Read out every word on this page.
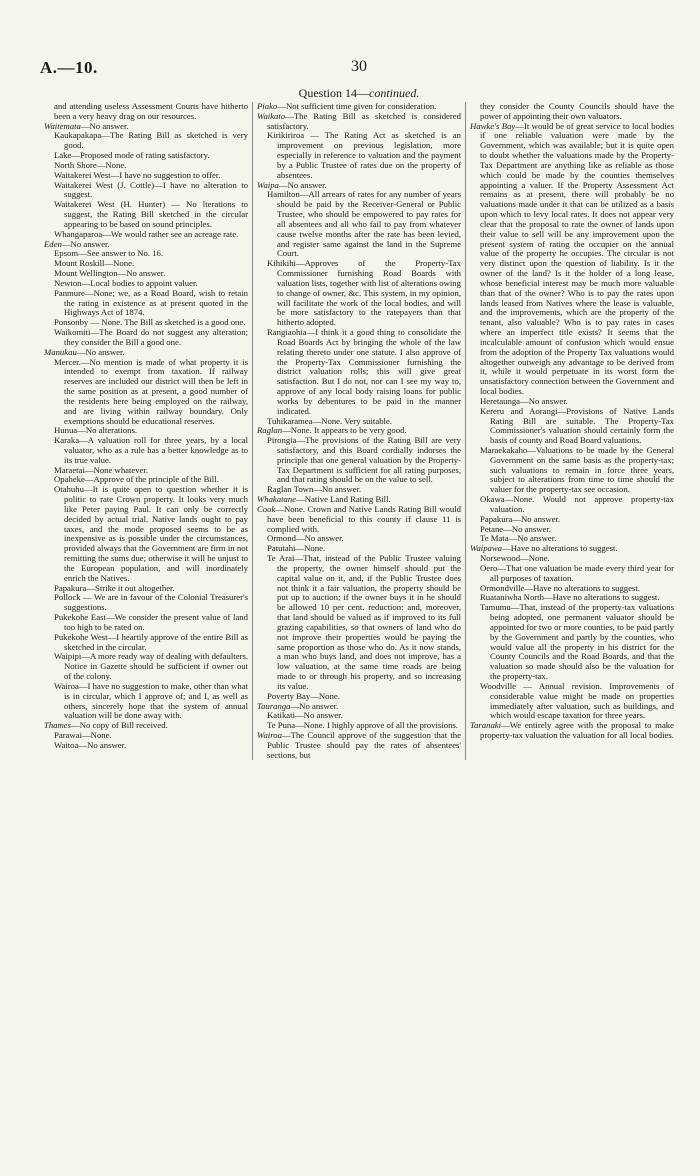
A.—10.	30
Question 14—continued.

and attending useless Assessment Courts have hitherto been a very heavy drag on our resources.

Waitemata—No answer.

Kaukapakapa—The Rating Bill as sketched is very good.

Lake—Proposed mode of rating satisfactory.

North Shore—None.

Waitakerei West—I have no suggestion to offer.

Waitakerei West (J. Cottle)—I have no alteration to suggest.

Waitakerei West (H. Hunter) — No lterations to suggest, the Rating Bill sketched in the circular appearing to be based on sound principles.

Whangaparoa—We would rather see an acreage rate.

Eden—No answer.

Epsom—See answer to No. 16.

Mount Roskill—None.

Mount Wellington—No answer.

Newton—Local bodies to appoint valuer.

Panmure—None; we, as a Road Board, wish to retain the rating in existence as at present quoted in the Highways Act of 1874.

Ponsonby — None. The Bill as sketched is a good one.

Waikomiti—The Board do not suggest any alteration; they consider the Bill a good one.

Manukau—No answer.

Mercer.—No mention is made of what property it is intended to exempt from taxation. If railway reserves are included our district will then be left in the same position as at present, a good number of the residents here being employed on the railway, and are living within railway boundary. Only exemptions should be educational reserves.

Hunua—No alterations.

Karaka—A valuation roll for three years, by a local valuator, who as a rule has a better knowledge as to its true value.

Maraetai—None whatever.

Opaheke—Approve of the principle of the Bill.

Otahuhu—It is quite open to question whether it is politic to rate Crown property. It looks very much like Peter paying Paul. It can only be correctly decided by actual trial. Native lands ought to pay taxes, and the mode proposed seems to be as inexpensive as is possible under the circumstances, provided always that the Government are firm in not remitting the sums due; otherwise it will be unjust to the European population, and will inordinately enrich the Natives.

Papakura—Strike it out altogether.

Pollock — We are in favour of the Colonial Treasurer's suggestions.

Pukekohe East—We consider the present value of land too high to be rated on.

Pukekohe West—I heartily approve of the entire Bill as sketched in the circular.

Waipipi—A more ready way of dealing with defaulters. Notice in Gazette should be sufficient if owner out of the colony.

Wairoa—I have no suggestion to make, other than what is in circular, which I approve of; and I, as well as others, sincerely hope that the system of annual valuation will be done away with.

Thames—No copy of Bill received.

Parawai—None.

Waitoa—No answer.

Piako—Not sufficient time given for consideration.

Waikato—The Rating Bill as sketched is considered satisfactory.

Kirikiriroa — The Rating Act as sketched is an improvement on previous legislation, more especially in reference to valuation and the payment by a Public Trustee of rates due on the property of absentees.

Waipa—No answer.

Hamilton—All arrears of rates for any number of years should be paid by the Receiver-General or Public Trustee, who should be empowered to pay rates for all absentees and all who fail to pay from whatever cause twelve months after the rate has been levied, and register same against the land in the Supreme Court.

Kihikihi—Approves of the Property-Tax Commissioner furnishing Road Boards with valuation lists, together with list of alterations owing to change of owner, &c. This system, in my opinion, will facilitate the work of the local bodies, and will be more satisfactory to the ratepayers than that hitherto adopted.

Rangiaohia—I think it a good thing to consolidate the Road Boards Act by bringing the whole of the law relating thereto under one statute. I also approve of the Property-Tax Commissioner furnishing the district valuation rolls; this will give great satisfaction. But I do not, nor can I see my way to, approve of any local body raising loans for public works by debentures to be paid in the manner indicated.

Tuhikaramea—None. Very suitable.

Raglan—None. It appears to be very good.

Pirongia—The provisions of the Rating Bill are very satisfactory, and this Board cordially indorses the principle that one general valuation by the Property-Tax Department is sufficient for all rating purposes, and that rating should be on the value to sell.

Raglan Town—No answer.

Whakatane—Native Land Rating Bill.

Cook—None. Crown and Native Lands Rating Bill would have been beneficial to this county if clause 11 is complied with.

Ormond—No answer.

Patutahi—None.

Te Arai—That, instead of the Public Trustee valuing the property, the owner himself should put the capital value on it, and, if the Public Trustee does not think it a fair valuation, the property should be put up to auction; if the owner buys it in he should be allowed 10 per cent. reduction: and, moreover, that land should be valued as if improved to its full grazing capabilities, so that owners of land who do not improve their properties would be paying the same proportion as those who do. As it now stands, a man who buys land, and does not improve, has a low valuation, at the same time roads are being made to or through his property, and so increasing its value.

Poverty Bay—None.

Tauranga—No answer.

Katikati—No answer.

Te Puna—None. I highly approve of all the provisions.

Wairoa—The Council approve of the suggestion that the Public Trustee should pay the rates of absentees' sections, but

they consider the County Councils should have the power of appointing their own valuators.

Hawke's Bay—It would be of great service to local bodies if one reliable valuation were made by the Government, which was available; but it is quite open to doubt whether the valuations made by the Property-Tax Department are anything like as reliable as those which could be made by the counties themselves appointing a valuer. If the Property Assessment Act remains as at present, there will probably be no valuations made under it that can be utilized as a basis upon which to levy local rates. It does not appear very clear that the proposal to rate the owner of lands upon their value to sell will be any improvement upon the present system of rating the occupier on the annual value of the property he occupies. The circular is not very distinct upon the question of liability. Is it the owner of the land? Is it the holder of a long lease, whose beneficial interest may be much more valuable than that of the owner? Who is to pay the rates upon lands leased from Natives where the lease is valuable, and the improvements, which are the property of the tenant, also valuable? Who is to pay rates in cases where an imperfect title exists? It seems that the incalculable amount of confusion which would ensue from the adoption of the Property Tax valuations would altogether outweigh any advantage to be derived from it, while it would perpetuate in its worst form the unsatisfactory connection between the Government and local bodies.

Heretaunga—No answer.

Kereru and Aorangi—Provisions of Native Lands Rating Bill are suitable. The Property-Tax Commissioner's valuation should certainly form the basis of county and Road Board valuations.

Maraekakaho—Valuations to be made by the General Government on the same basis as the property-tax; such valuations to remain in force three years, subject to alterations from time to time should the valuer for the property-tax see occasion.

Okawa—None. Would not approve property-tax valuation.

Papakura—No answer.

Petane—No answer.

Te Mata—No answer.

Waipawa—Have no alterations to suggest.

Norsewood—None.

Oero—That one valuation be made every third year for all purposes of taxation.

Ormondville—Have no alterations to suggest.

Ruataniwha North—Have no alterations to suggest.

Tamumu—That, instead of the property-tax valuations being adopted, one permanent valuator should be appointed for two or more counties, to be paid partly by the Government and partly by the counties, who would value all the property in his district for the County Councils and the Road Boards, and that the valuation so made should also be the valuation for the property-tax.

Woodville — Annual revision. Improvements of considerable value might be made on properties immediately after valuation, such as buildings, and which would escape taxation for three years.

Taranaki—We entirely agree with the proposal to make property-tax valuation the valuation for all local bodies.
